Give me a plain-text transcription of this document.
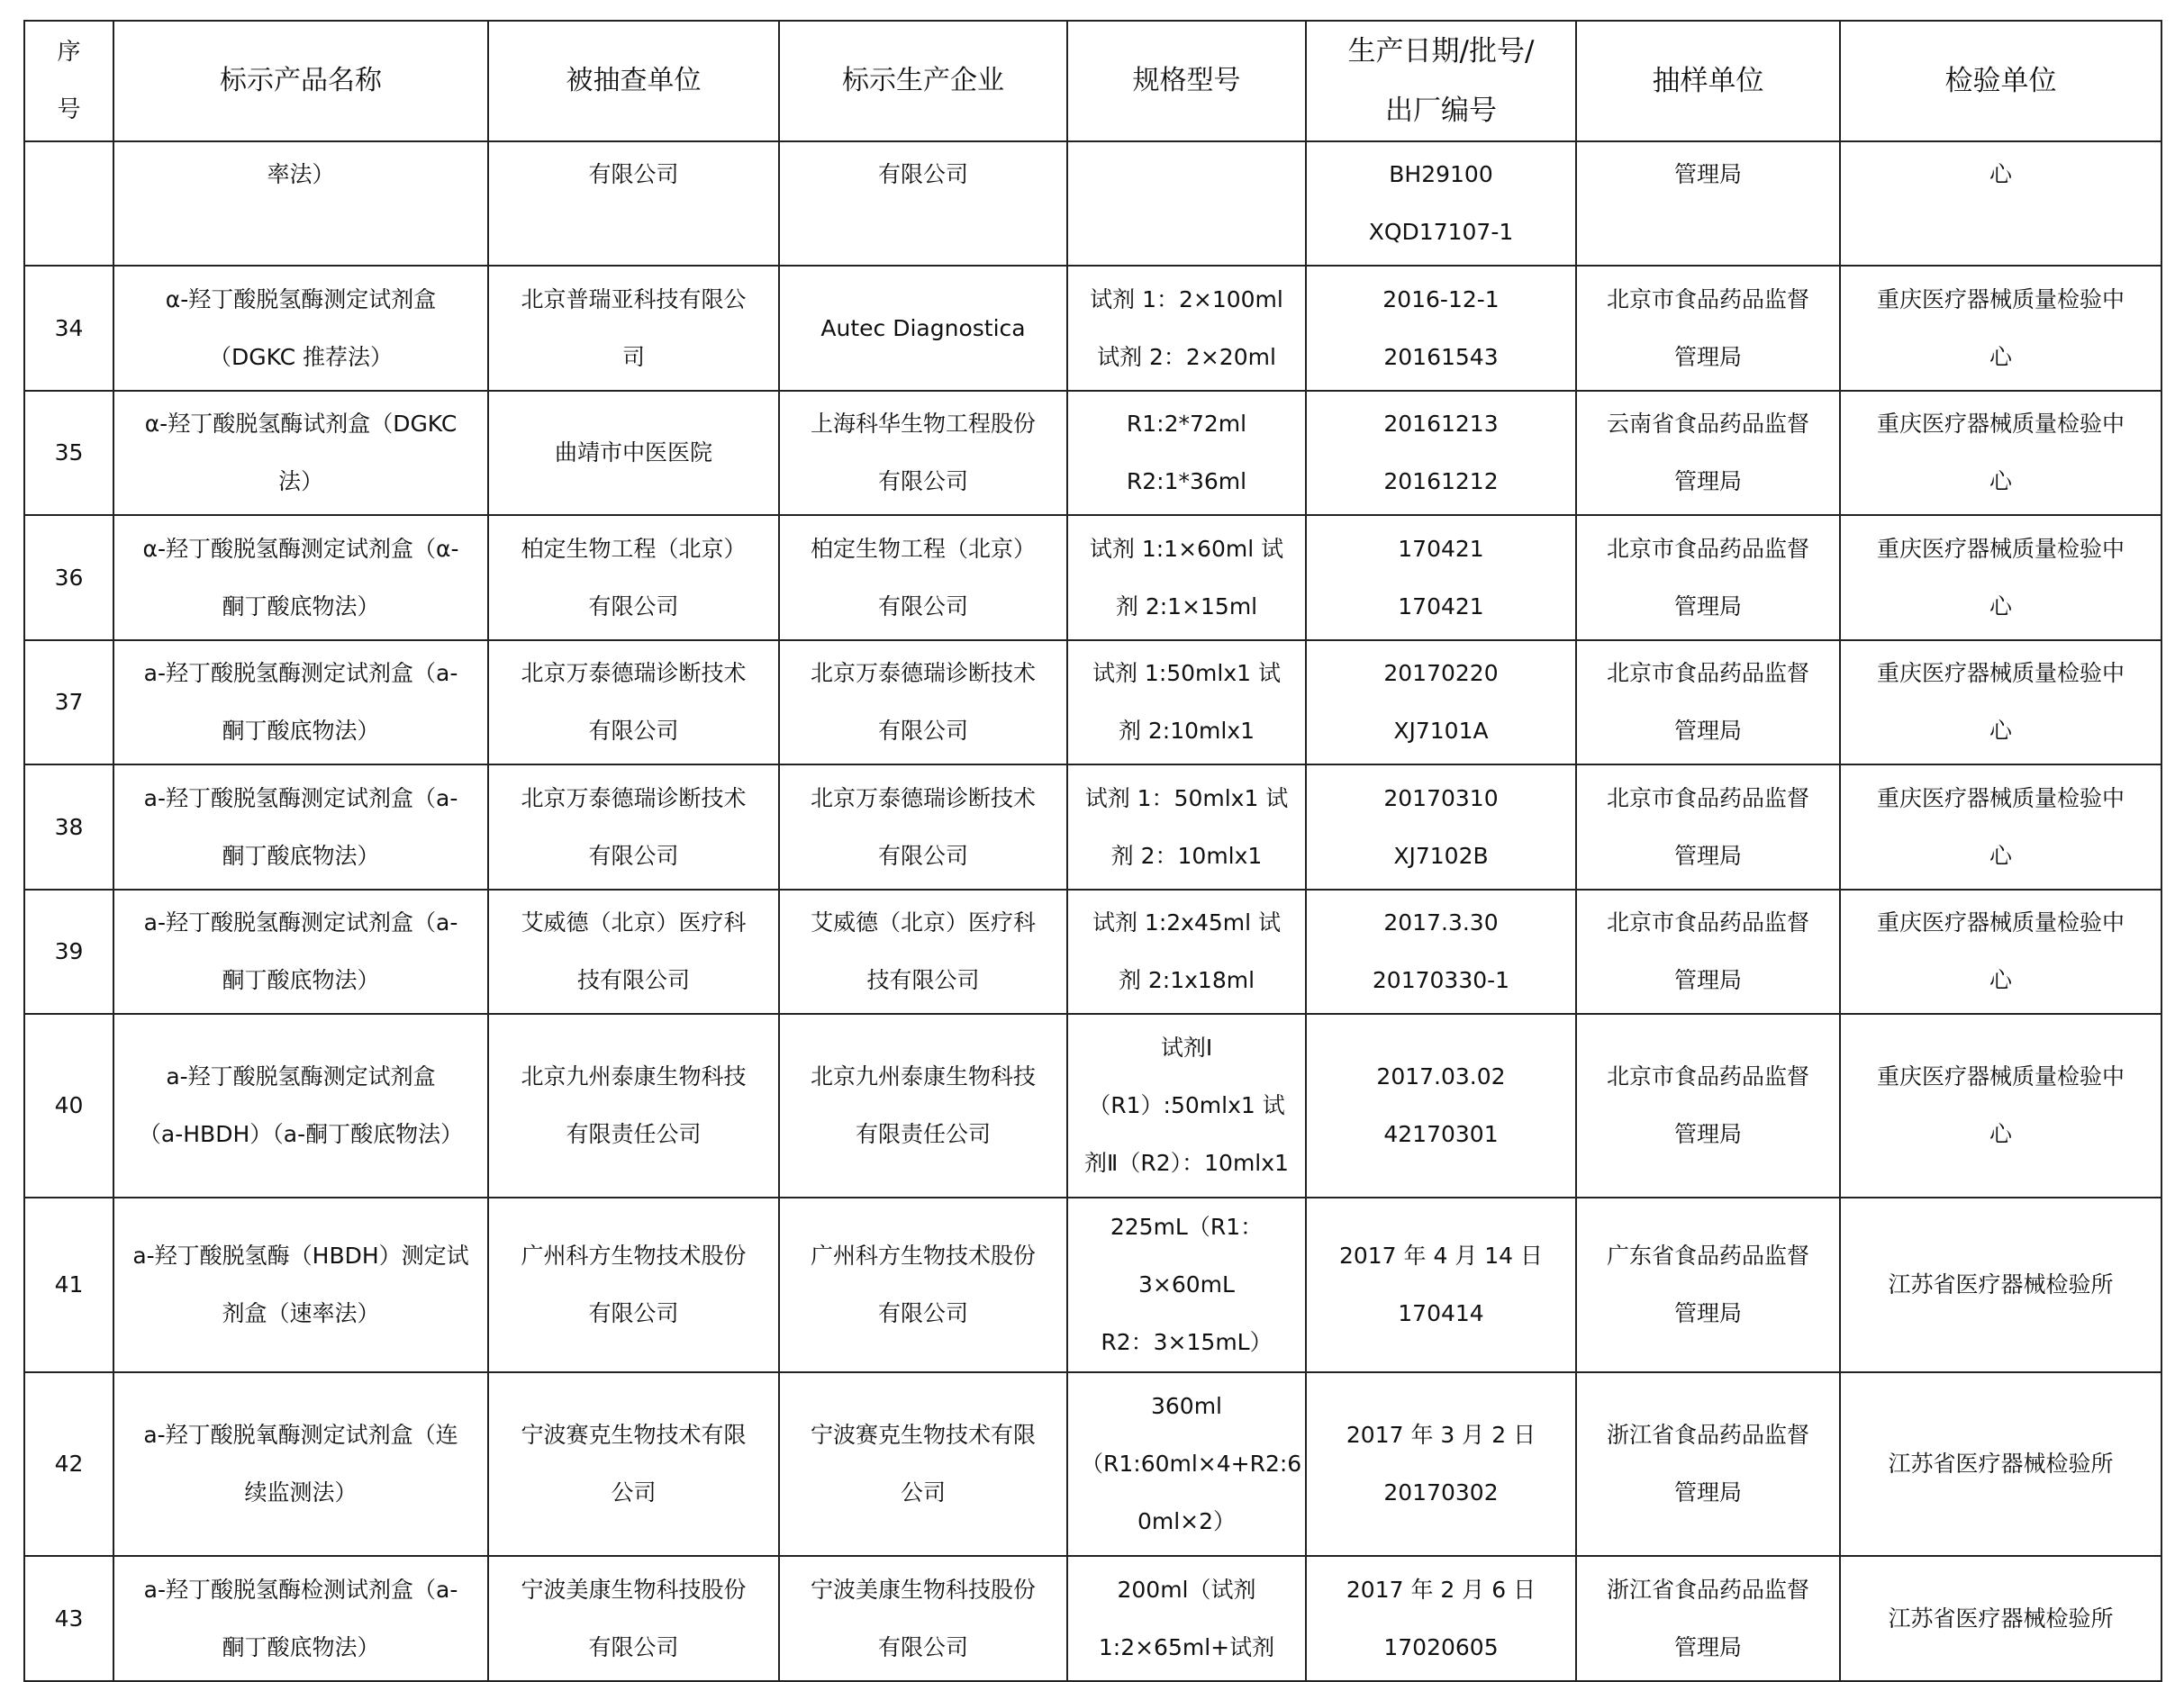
序
号	标示产品名称	被抽查单位	标示生产企业	规格型号	生产日期/批号/
出厂编号	抽样单位	检验单位

	率法）	有限公司	有限公司		BH29100
XQD17107-1	管理局	心

34	α-羟丁酸脱氢酶测定试剂盒
（DGKC 推荐法）	北京普瑞亚科技有限公
司	Autec Diagnostica	试剂 1：2×100ml
试剂 2：2×20ml	2016-12-1
20161543	北京市食品药品监督
管理局	重庆医疗器械质量检验中
心

35	α-羟丁酸脱氢酶试剂盒（DGKC
法）	曲靖市中医医院	上海科华生物工程股份
有限公司	R1:2*72ml
R2:1*36ml	20161213
20161212	云南省食品药品监督
管理局	重庆医疗器械质量检验中
心

36	α-羟丁酸脱氢酶测定试剂盒（α-
酮丁酸底物法）	柏定生物工程（北京）
有限公司	柏定生物工程（北京）
有限公司	试剂 1:1×60ml 试
剂 2:1×15ml	170421
170421	北京市食品药品监督
管理局	重庆医疗器械质量检验中
心

37	a-羟丁酸脱氢酶测定试剂盒（a-
酮丁酸底物法）	北京万泰德瑞诊断技术
有限公司	北京万泰德瑞诊断技术
有限公司	试剂 1:50mlx1 试
剂 2:10mlx1	20170220
XJ7101A	北京市食品药品监督
管理局	重庆医疗器械质量检验中
心

38	a-羟丁酸脱氢酶测定试剂盒（a-
酮丁酸底物法）	北京万泰德瑞诊断技术
有限公司	北京万泰德瑞诊断技术
有限公司	试剂 1：50mlx1 试
剂 2：10mlx1	20170310
XJ7102B	北京市食品药品监督
管理局	重庆医疗器械质量检验中
心

39	a-羟丁酸脱氢酶测定试剂盒（a-
酮丁酸底物法）	艾威德（北京）医疗科
技有限公司	艾威德（北京）医疗科
技有限公司	试剂 1:2x45ml 试
剂 2:1x18ml	2017.3.30
20170330-1	北京市食品药品监督
管理局	重庆医疗器械质量检验中
心

40	a-羟丁酸脱氢酶测定试剂盒
（a-HBDH）（a-酮丁酸底物法）	北京九州泰康生物科技
有限责任公司	北京九州泰康生物科技
有限责任公司	试剂Ⅰ
（R1）:50mlx1 试
剂Ⅱ（R2）：10mlx1	2017.03.02
42170301	北京市食品药品监督
管理局	重庆医疗器械质量检验中
心

41	a-羟丁酸脱氢酶（HBDH）测定试
剂盒（速率法）	广州科方生物技术股份
有限公司	广州科方生物技术股份
有限公司	225mL（R1：3×60mL
R2：3×15mL）	2017 年 4 月 14 日
170414	广东省食品药品监督
管理局	江苏省医疗器械检验所

42	a-羟丁酸脱氧酶测定试剂盒（连
续监测法）	宁波赛克生物技术有限
公司	宁波赛克生物技术有限
公司	360ml
（R1:60ml×4+R2:6
0ml×2）	2017 年 3 月 2 日
20170302	浙江省食品药品监督
管理局	江苏省医疗器械检验所

43	a-羟丁酸脱氢酶检测试剂盒（a-
酮丁酸底物法）	宁波美康生物科技股份
有限公司	宁波美康生物科技股份
有限公司	200ml（试剂
1:2×65ml+试剂	2017 年 2 月 6 日
17020605	浙江省食品药品监督
管理局	江苏省医疗器械检验所
